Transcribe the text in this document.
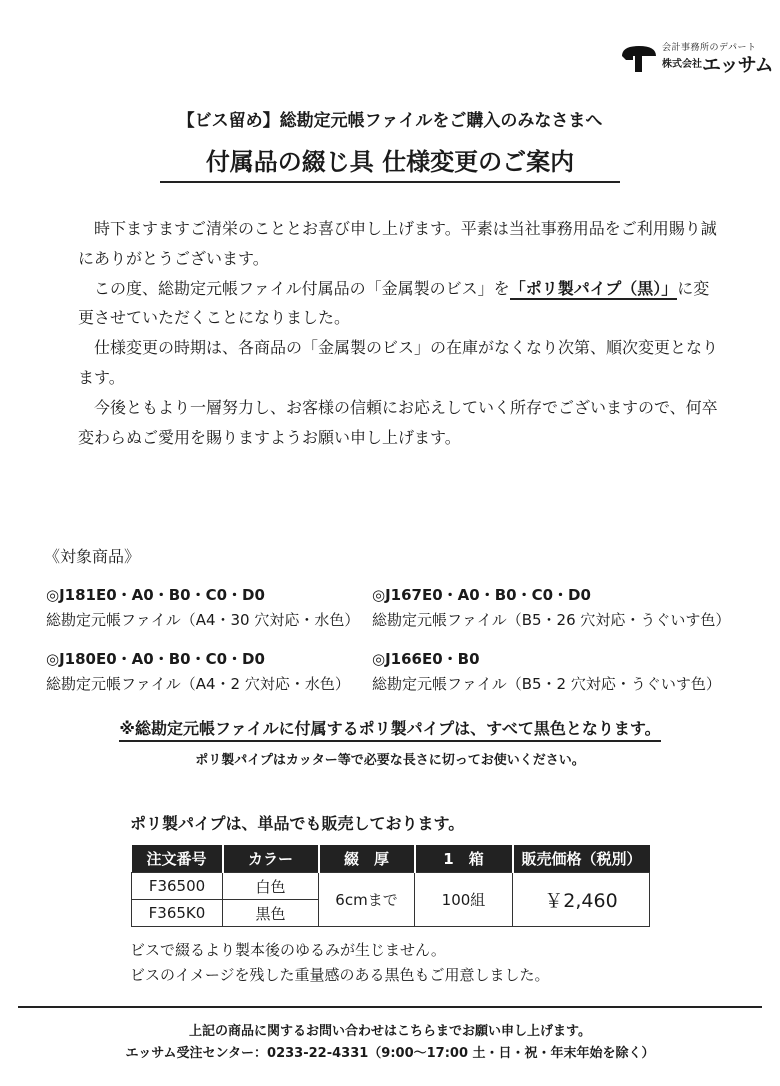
会計事務所のデパート
株式会社 エッサム
【ビス留め】総勘定元帳ファイルをご購入のみなさまへ
付属品の綴じ具 仕様変更のご案内

時下ますますご清栄のこととお喜び申し上げます。平素は当社事務用品をご利用賜り誠にありがとうございます。

この度、総勘定元帳ファイル付属品の「金属製のビス」を「ポリ製パイプ（黒）」に変更させていただくことになりました。

仕様変更の時期は、各商品の「金属製のビス」の在庫がなくなり次第、順次変更となります。

今後ともより一層努力し、お客様の信頼にお応えしていく所存でございますので、何卒変わらぬご愛用を賜りますようお願い申し上げます。

《対象商品》
◎J181E0・A0・B0・C0・D0
総勘定元帳ファイル（A4・30 穴対応・水色）
◎J167E0・A0・B0・C0・D0
総勘定元帳ファイル（B5・26 穴対応・うぐいす色）
◎J180E0・A0・B0・C0・D0
総勘定元帳ファイル（A4・2 穴対応・水色）
◎J166E0・B0
総勘定元帳ファイル（B5・2 穴対応・うぐいす色）
※総勘定元帳ファイルに付属するポリ製パイプは、すべて黒色となります。
ポリ製パイプはカッター等で必要な長さに切ってお使いください。
ポリ製パイプは、単品でも販売しております。
注文番号	カラー	綴　厚	1　箱	販売価格（税別）
F36500	白色	6cmまで	100組	￥2,460
F365K0	黒色			

ビスで綴るより製本後のゆるみが生じません。

ビスのイメージを残した重量感のある黒色もご用意しました。

上記の商品に関するお問い合わせはこちらまでお願い申し上げます。
エッサム受注センター：0233-22-4331（9:00〜17:00 土・日・祝・年末年始を除く）
